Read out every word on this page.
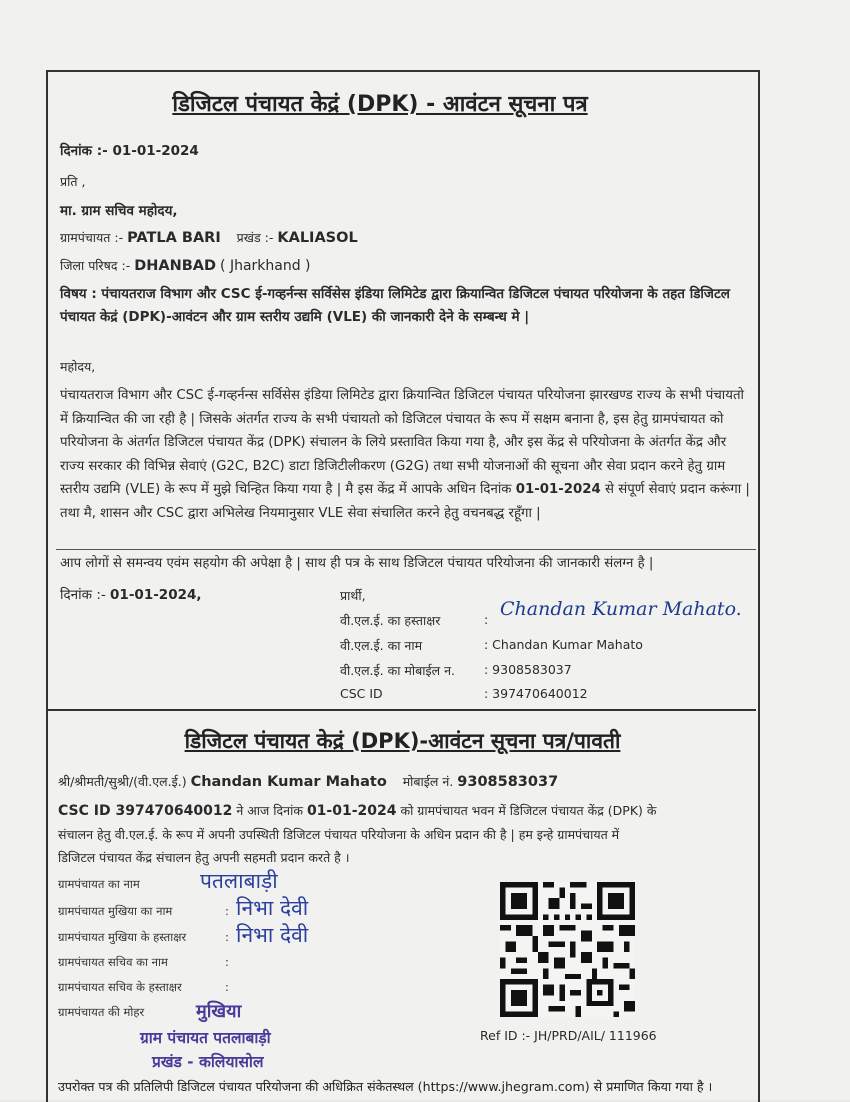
डिजिटल पंचायत केद्रं (DPK) - आवंटन सूचना पत्र
दिनांक :- 01-01-2024
प्रति ,
मा. ग्राम सचिव महोदय,
ग्रामपंचायत :- PATLA BARI प्रखंड :- KALIASOL
जिला परिषद :- DHANBAD ( Jharkhand )
विषय : पंचायतराज विभाग और CSC ई-गव्हर्नन्स सर्विसेस इंडिया लिमिटेड द्वारा क्रियान्वित डिजिटल पंचायत परियोजना के तहत डिजिटल पंचायत केद्रं (DPK)-आवंटन और ग्राम स्तरीय उद्यमि (VLE) की जानकारी देने के सम्बन्ध मे |
महोदय,
पंचायतराज विभाग और CSC ई-गव्हर्नन्स सर्विसेस इंडिया लिमिटेड द्वारा क्रियान्वित डिजिटल पंचायत परियोजना झारखण्ड राज्य के सभी पंचायतो में क्रियान्वित की जा रही है | जिसके अंतर्गत राज्य के सभी पंचायतो को डिजिटल पंचायत के रूप में सक्षम बनाना है, इस हेतु ग्रामपंचायत को परियोजना के अंतर्गत डिजिटल पंचायत केंद्र (DPK) संचालन के लिये प्रस्तावित किया गया है, और इस केंद्र से परियोजना के अंतर्गत केंद्र और राज्य सरकार की विभिन्न सेवाएं (G2C, B2C) डाटा डिजिटीलीकरण (G2G) तथा सभी योजनाओं की सूचना और सेवा प्रदान करने हेतु ग्राम स्तरीय उद्यमि (VLE) के रूप में मुझे चिन्हित किया गया है | मै इस केंद्र में आपके अधिन दिनांक 01-01-2024 से संपूर्ण सेवाएं प्रदान करूंगा | तथा मै, शासन और CSC द्वारा अभिलेख नियमानुसार VLE सेवा संचालित करने हेतु वचनबद्ध रहूँगा |
आप लोगों से समन्वय एवंम सहयोग की अपेक्षा है | साथ ही पत्र के साथ डिजिटल पंचायत परियोजना की जानकारी संलग्न है |
दिनांक :- 01-01-2024,	प्रार्थी,
वी.एल.ई. का हस्ताक्षर	: Chandan Kumar Mahato.
वी.एल.ई. का नाम	: Chandan Kumar Mahato
वी.एल.ई. का मोबाईल न. : 9308583037
CSC ID	: 397470640012
डिजिटल पंचायत केद्रं (DPK)-आवंटन सूचना पत्र/पावती
श्री/श्रीमती/सुश्री/(वी.एल.ई.) Chandan Kumar Mahato मोबाईल नं. 9308583037
CSC ID 397470640012 ने आज दिनांक 01-01-2024 को ग्रामपंचायत भवन में डिजिटल पंचायत केंद्र (DPK) के
संचालन हेतु वी.एल.ई. के रूप में अपनी उपस्थिती डिजिटल पंचायत परियोजना के अधिन प्रदान की है | हम इन्हे ग्रामपंचायत में
डिजिटल पंचायत केंद्र संचालन हेतु अपनी सहमती प्रदान करते है ।
ग्रामपंचायत का नाम	पतलाबाड़ी
ग्रामपंचायत मुखिया का नाम	: निभा देवी
ग्रामपंचायत मुखिया के हस्ताक्षर	: निभा देवी
ग्रामपंचायत सचिव का नाम	:
ग्रामपंचायत सचिव के हस्ताक्षर	:
ग्रामपंचायत की मोहर	मुखिया
ग्राम पंचायत पतलाबाड़ी
प्रखंड - कलियासोल
Ref ID :- JH/PRD/AIL/ 111966
उपरोक्त पत्र की प्रतिलिपी डिजिटल पंचायत परियोजना की अधिक्रित संकेतस्थल (https://www.jhegram.com) से प्रमाणित किया गया है ।
